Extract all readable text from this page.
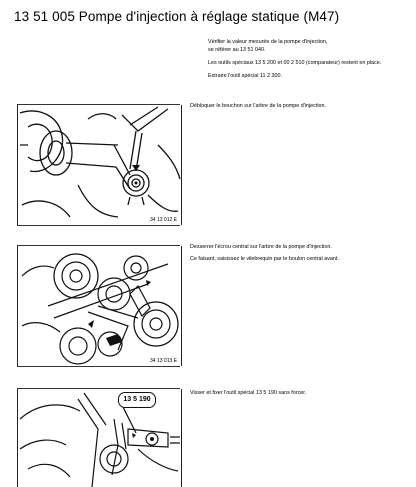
13 51 005 Pompe d'injection à réglage statique (M47)

Vérifier la valeur mesurée de la pompe d'injection,

se référer au 13 51 040.

Les outils spéciaux 13 5 200 et 00 2 510 (comparateur) restent en place.

Extraire l'outil spécial 11 2 300.

34 13 012 E

Débloquer le bouchon sur l'arbre de la pompe d'injection.

34 13 013 E

Desserrer l'écrou central sur l'arbre de la pompe d'injection.

Ce faisant, saisissez le vilebrequin par le boulon central avant.

13 5 190

Visser et fixer l'outil spécial 13 5 190 sans forcer.
